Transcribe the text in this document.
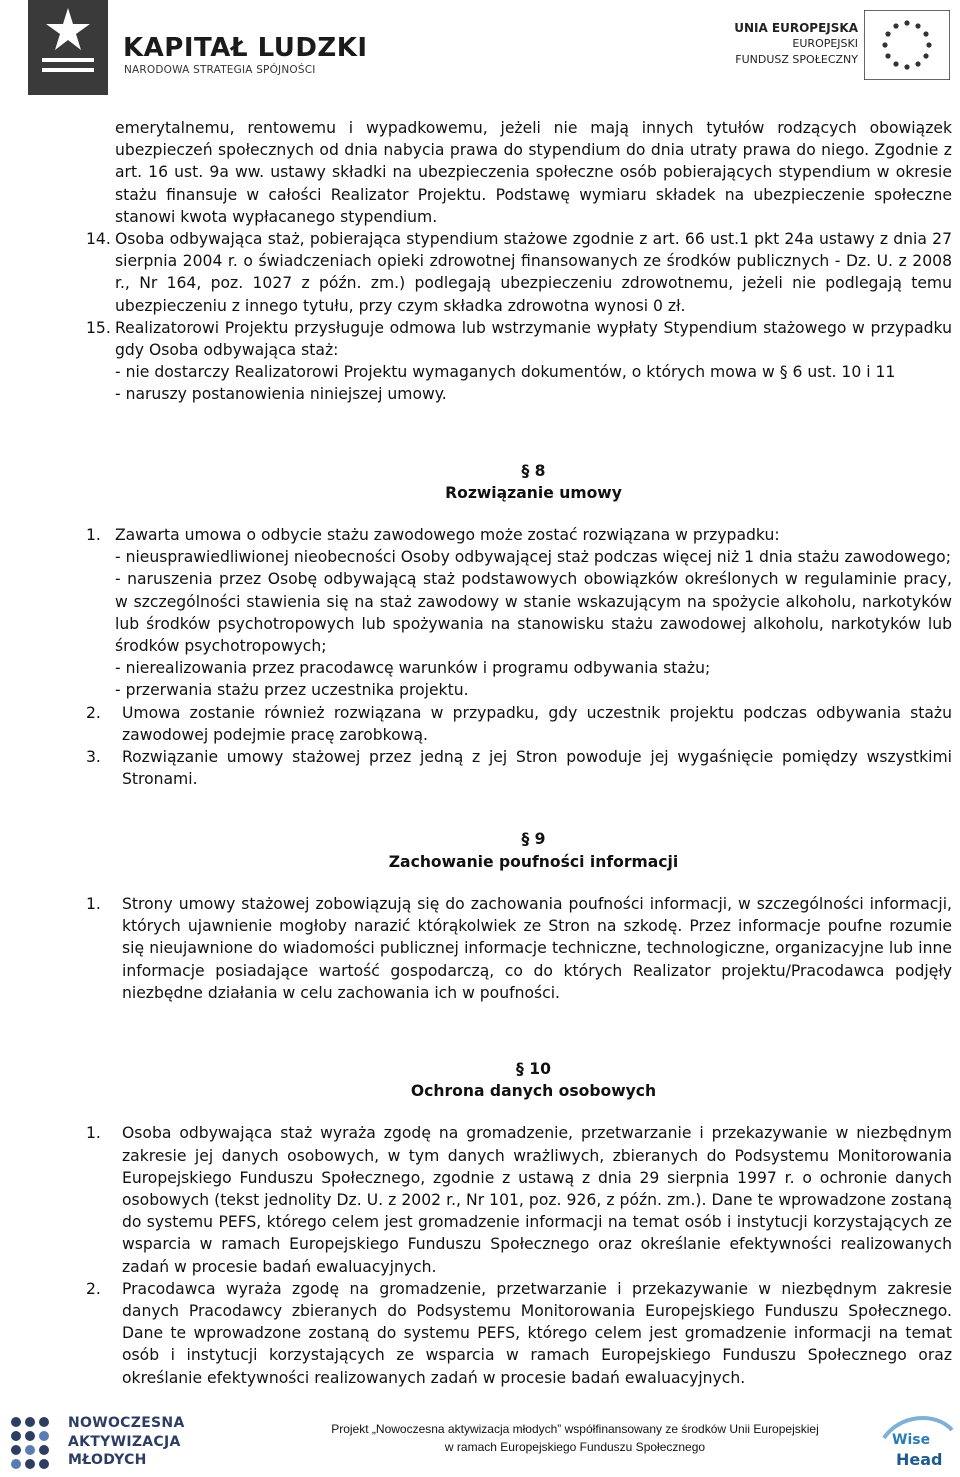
KAPITAŁ LUDZKI
NARODOWA STRATEGIA SPÓJNOŚCI
UNIA EUROPEJSKA
EUROPEJSKI
FUNDUSZ SPOŁECZNY

emerytalnemu, rentowemu i wypadkowemu, jeżeli nie mają innych tytułów rodzących obowiązek ubezpieczeń społecznych od dnia nabycia prawa do stypendium do dnia utraty prawa do niego. Zgodnie z art. 16 ust. 9a ww. ustawy składki na ubezpieczenia społeczne osób pobierających stypendium w okresie stażu finansuje w całości Realizator Projektu. Podstawę wymiaru składek na ubezpieczenie społeczne stanowi kwota wypłacanego stypendium.

14. Osoba odbywająca staż, pobierająca stypendium stażowe zgodnie z art. 66 ust.1 pkt 24a ustawy z dnia 27 sierpnia 2004 r. o świadczeniach opieki zdrowotnej finansowanych ze środków publicznych - Dz. U. z 2008 r., Nr 164, poz. 1027 z późn. zm.) podlegają ubezpieczeniu zdrowotnemu, jeżeli nie podlegają temu ubezpieczeniu z innego tytułu, przy czym składka zdrowotna wynosi 0 zł.
15. Realizatorowi Projektu przysługuje odmowa lub wstrzymanie wypłaty Stypendium stażowego w przypadku gdy Osoba odbywająca staż:
- nie dostarczy Realizatorowi Projektu wymaganych dokumentów, o których mowa w § 6 ust. 10 i 11
- naruszy postanowienia niniejszej umowy.
§ 8
Rozwiązanie umowy
1. Zawarta umowa o odbycie stażu zawodowego może zostać rozwiązana w przypadku:
- nieusprawiedliwionej nieobecności Osoby odbywającej staż podczas więcej niż 1 dnia stażu zawodowego;
- naruszenia przez Osobę odbywającą staż podstawowych obowiązków określonych w regulaminie pracy, w szczególności stawienia się na staż zawodowy w stanie wskazującym na spożycie alkoholu, narkotyków lub środków psychotropowych lub spożywania na stanowisku stażu zawodowej alkoholu, narkotyków lub środków psychotropowych;
- nierealizowania przez pracodawcę warunków i programu odbywania stażu;
- przerwania stażu przez uczestnika projektu.
2. Umowa zostanie również rozwiązana w przypadku, gdy uczestnik projektu podczas odbywania stażu zawodowej podejmie pracę zarobkową.
3. Rozwiązanie umowy stażowej przez jedną z jej Stron powoduje jej wygaśnięcie pomiędzy wszystkimi Stronami.
§ 9
Zachowanie poufności informacji
1. Strony umowy stażowej zobowiązują się do zachowania poufności informacji, w szczególności informacji, których ujawnienie mogłoby narazić którąkolwiek ze Stron na szkodę. Przez informacje poufne rozumie się nieujawnione do wiadomości publicznej informacje techniczne, technologiczne, organizacyjne lub inne informacje posiadające wartość gospodarczą, co do których Realizator projektu/Pracodawca podjęły niezbędne działania w celu zachowania ich w poufności.
§ 10
Ochrona danych osobowych
1. Osoba odbywająca staż wyraża zgodę na gromadzenie, przetwarzanie i przekazywanie w niezbędnym zakresie jej danych osobowych, w tym danych wrażliwych, zbieranych do Podsystemu Monitorowania Europejskiego Funduszu Społecznego, zgodnie z ustawą z dnia 29 sierpnia 1997 r. o ochronie danych osobowych (tekst jednolity Dz. U. z 2002 r., Nr 101, poz. 926, z późn. zm.). Dane te wprowadzone zostaną do systemu PEFS, którego celem jest gromadzenie informacji na temat osób i instytucji korzystających ze wsparcia w ramach Europejskiego Funduszu Społecznego oraz określanie efektywności realizowanych zadań w procesie badań ewaluacyjnych.
2. Pracodawca wyraża zgodę na gromadzenie, przetwarzanie i przekazywanie w niezbędnym zakresie danych Pracodawcy zbieranych do Podsystemu Monitorowania Europejskiego Funduszu Społecznego. Dane te wprowadzone zostaną do systemu PEFS, którego celem jest gromadzenie informacji na temat osób i instytucji korzystających ze wsparcia w ramach Europejskiego Funduszu Społecznego oraz określanie efektywności realizowanych zadań w procesie badań ewaluacyjnych.
NOWOCZESNA
AKTYWIZACJA
MŁODYCH
Projekt „Nowoczesna aktywizacja młodych” współfinansowany ze środków Unii Europejskiej
w ramach Europejskiego Funduszu Społecznego	Wise
Head
